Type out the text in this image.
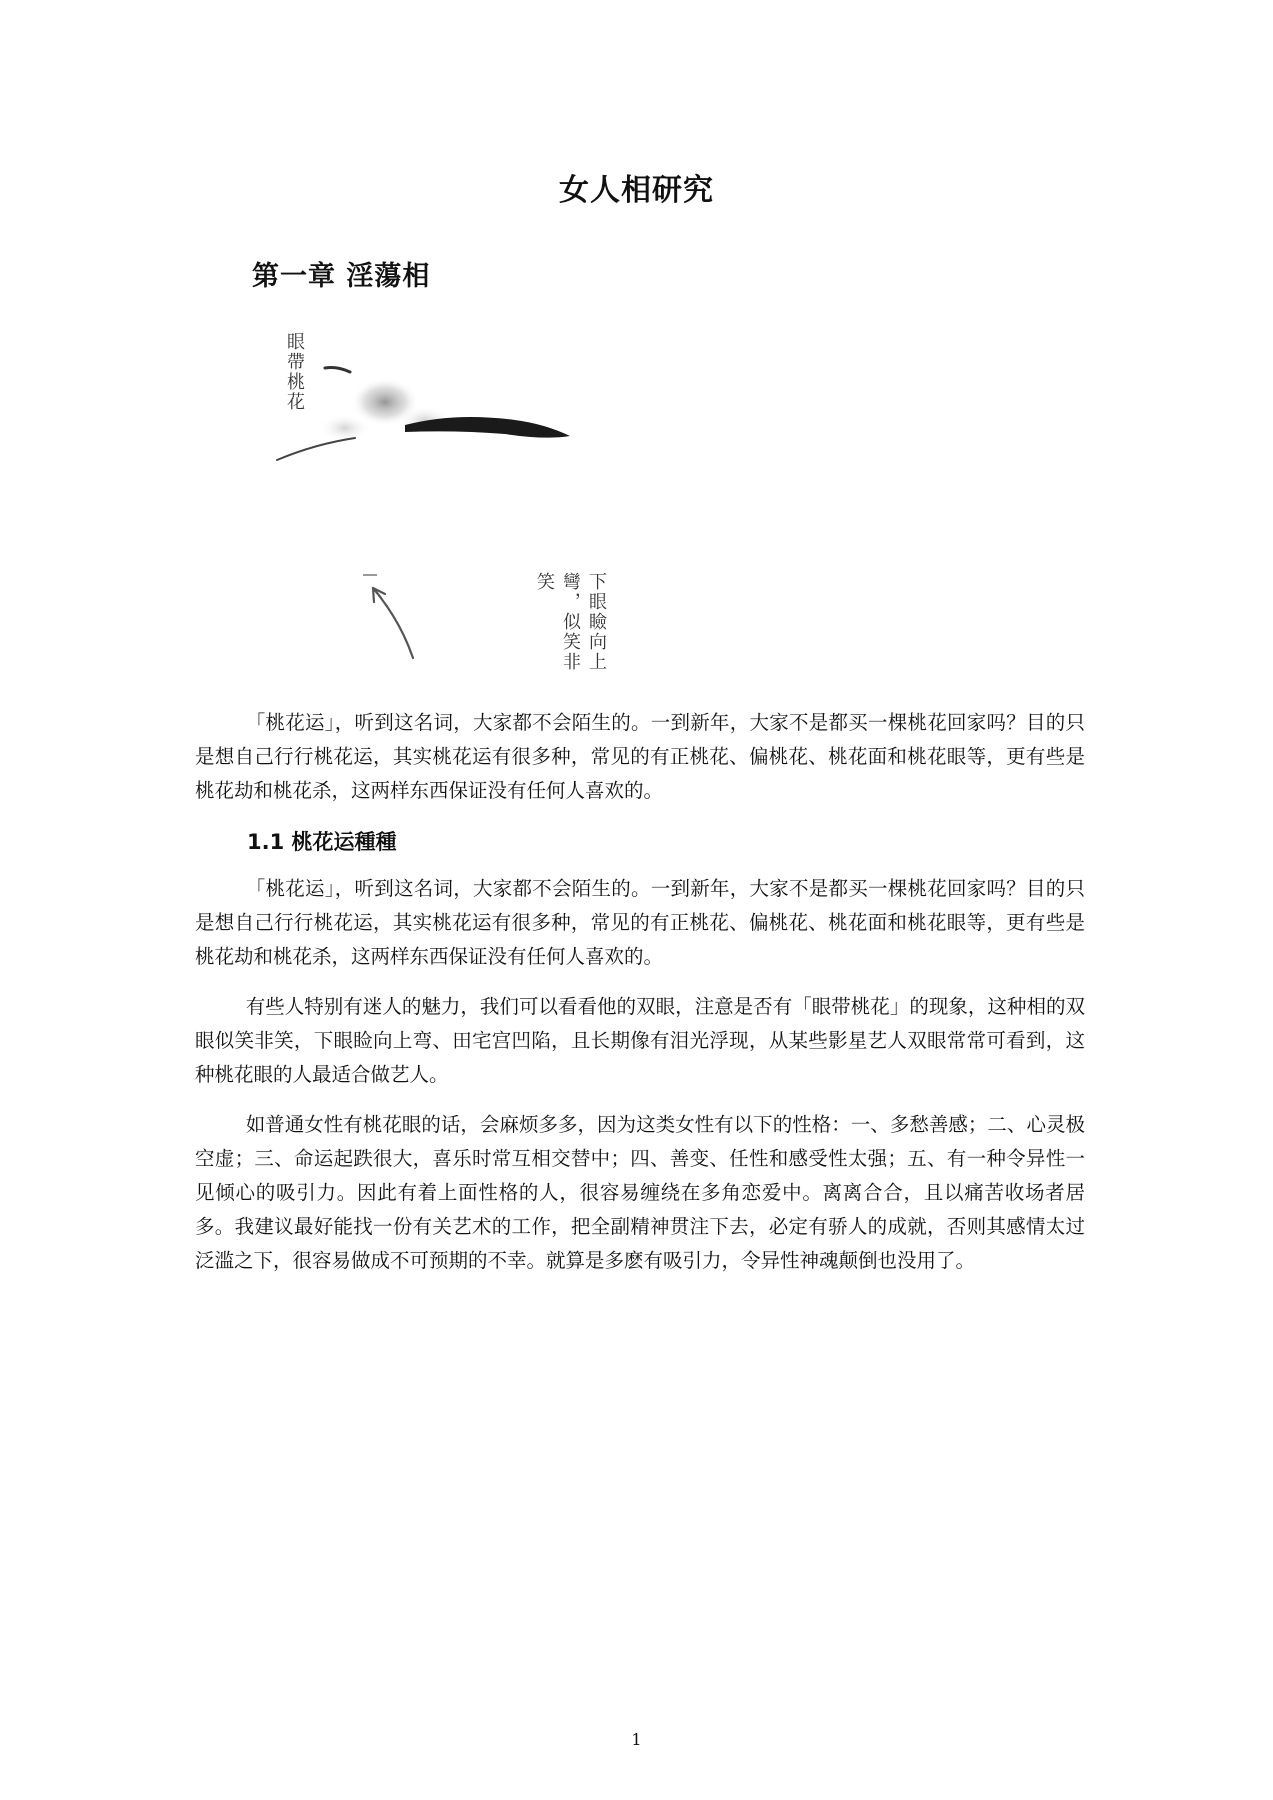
女人相研究
第一章 淫蕩相
眼帶桃花
下眼瞼向上彎，似笑非笑

「桃花运」，听到这名词，大家都不会陌生的。一到新年，大家不是都买一棵桃花回家吗？目的只是想自己行行桃花运，其实桃花运有很多种，常见的有正桃花、偏桃花、桃花面和桃花眼等，更有些是桃花劫和桃花杀，这两样东西保证没有任何人喜欢的。

1.1 桃花运種種

「桃花运」，听到这名词，大家都不会陌生的。一到新年，大家不是都买一棵桃花回家吗？目的只是想自己行行桃花运，其实桃花运有很多种，常见的有正桃花、偏桃花、桃花面和桃花眼等，更有些是桃花劫和桃花杀，这两样东西保证没有任何人喜欢的。

有些人特别有迷人的魅力，我们可以看看他的双眼，注意是否有「眼带桃花」的现象，这种相的双眼似笑非笑，下眼睑向上弯、田宅宫凹陷，且长期像有泪光浮现，从某些影星艺人双眼常常可看到，这种桃花眼的人最适合做艺人。

如普通女性有桃花眼的话，会麻烦多多，因为这类女性有以下的性格：一、多愁善感；二、心灵极空虚；三、命运起跌很大，喜乐时常互相交替中；四、善变、任性和感受性太强；五、有一种令异性一见倾心的吸引力。因此有着上面性格的人，很容易缠绕在多角恋爱中。离离合合，且以痛苦收场者居多。我建议最好能找一份有关艺术的工作，把全副精神贯注下去，必定有骄人的成就，否则其感情太过泛滥之下，很容易做成不可预期的不幸。就算是多麽有吸引力，令异性神魂颠倒也没用了。

1
